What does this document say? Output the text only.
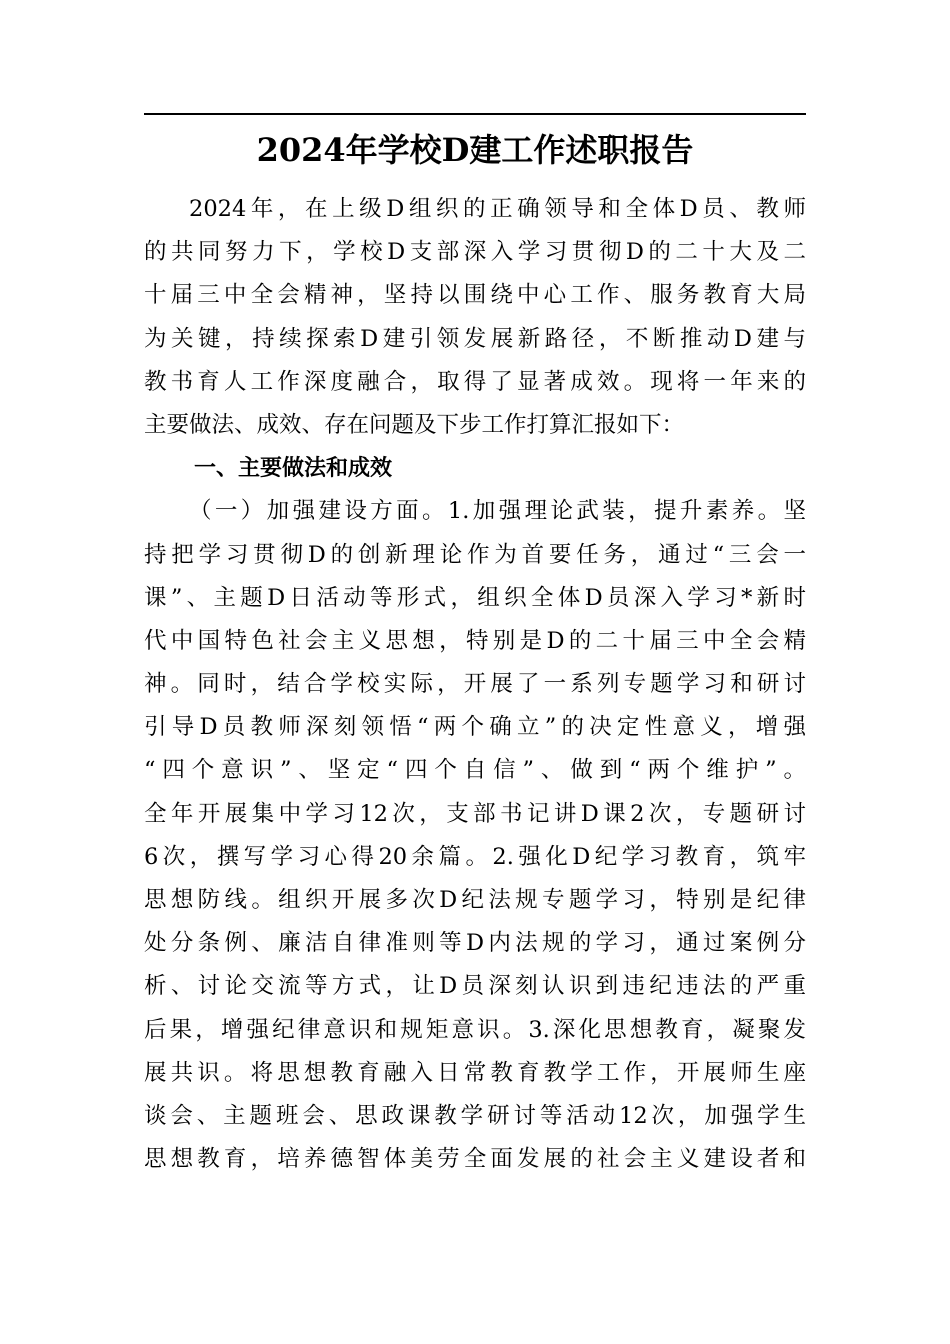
2024年学校D建工作述职报告
2024年，在上级D组织的正确领导和全体D员、教师
的共同努力下，学校D支部深入学习贯彻D的二十大及二
十届三中全会精神，坚持以围绕中心工作、服务教育大局
为关键，持续探索D建引领发展新路径，不断推动D建与
教书育人工作深度融合，取得了显著成效。现将一年来的
主要做法、成效、存在问题及下步工作打算汇报如下：
一、主要做法和成效
（一）加强建设方面。1.加强理论武装，提升素养。坚
持把学习贯彻D的创新理论作为首要任务，通过“三会一
课”、主题D日活动等形式，组织全体D员深入学习*新时
代中国特色社会主义思想，特别是D的二十届三中全会精
神。同时，结合学校实际，开展了一系列专题学习和研讨
引导D员教师深刻领悟“两个确立”的决定性意义，增强
“四个意识”、坚定“四个自信”、做到“两个维护”。
全年开展集中学习12次，支部书记讲D课2次，专题研讨
6次，撰写学习心得20余篇。2.强化D纪学习教育，筑牢
思想防线。组织开展多次D纪法规专题学习，特别是纪律
处分条例、廉洁自律准则等D内法规的学习，通过案例分
析、讨论交流等方式，让D员深刻认识到违纪违法的严重
后果，增强纪律意识和规矩意识。3.深化思想教育，凝聚发
展共识。将思想教育融入日常教育教学工作，开展师生座
谈会、主题班会、思政课教学研讨等活动12次，加强学生
思想教育，培养德智体美劳全面发展的社会主义建设者和
